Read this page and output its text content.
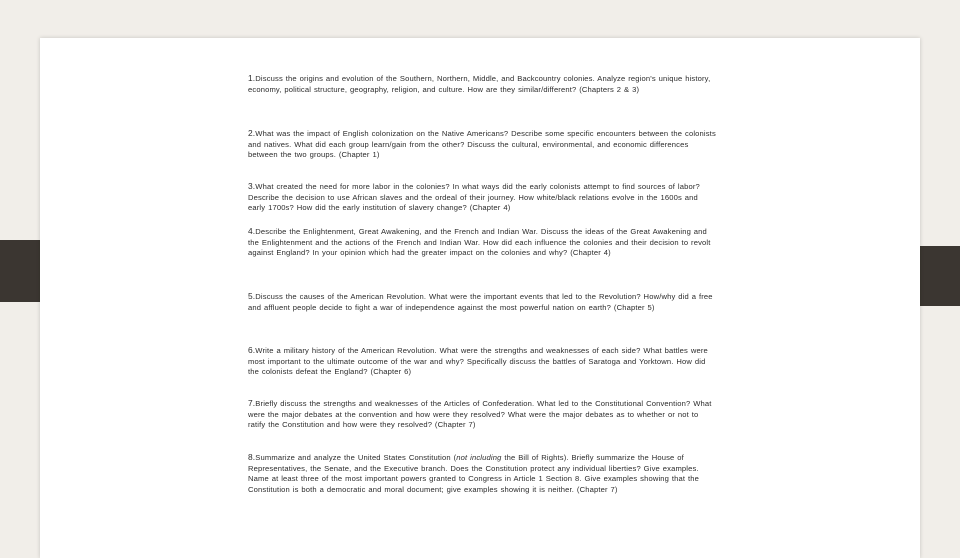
1.Discuss the origins and evolution of the Southern, Northern, Middle, and Backcountry colonies. Analyze region's unique history, economy, political structure, geography, religion, and culture. How are they similar/different? (Chapters 2 & 3)
2.What was the impact of English colonization on the Native Americans? Describe some specific encounters between the colonists and natives. What did each group learn/gain from the other? Discuss the cultural, environmental, and economic differences between the two groups. (Chapter 1)
3.What created the need for more labor in the colonies? In what ways did the early colonists attempt to find sources of labor? Describe the decision to use African slaves and the ordeal of their journey. How white/black relations evolve in the 1600s and early 1700s? How did the early institution of slavery change? (Chapter 4)
4.Describe the Enlightenment, Great Awakening, and the French and Indian War. Discuss the ideas of the Great Awakening and the Enlightenment and the actions of the French and Indian War. How did each influence the colonies and their decision to revolt against England? In your opinion which had the greater impact on the colonies and why? (Chapter 4)
5.Discuss the causes of the American Revolution. What were the important events that led to the Revolution? How/why did a free and affluent people decide to fight a war of independence against the most powerful nation on earth? (Chapter 5)
6.Write a military history of the American Revolution. What were the strengths and weaknesses of each side? What battles were most important to the ultimate outcome of the war and why? Specifically discuss the battles of Saratoga and Yorktown. How did the colonists defeat the England? (Chapter 6)
7.Briefly discuss the strengths and weaknesses of the Articles of Confederation. What led to the Constitutional Convention? What were the major debates at the convention and how were they resolved? What were the major debates as to whether or not to ratify the Constitution and how were they resolved? (Chapter 7)
8.Summarize and analyze the United States Constitution (not including the Bill of Rights). Briefly summarize the House of Representatives, the Senate, and the Executive branch. Does the Constitution protect any individual liberties? Give examples. Name at least three of the most important powers granted to Congress in Article 1 Section 8. Give examples showing that the Constitution is both a democratic and moral document; give examples showing it is neither. (Chapter 7)
